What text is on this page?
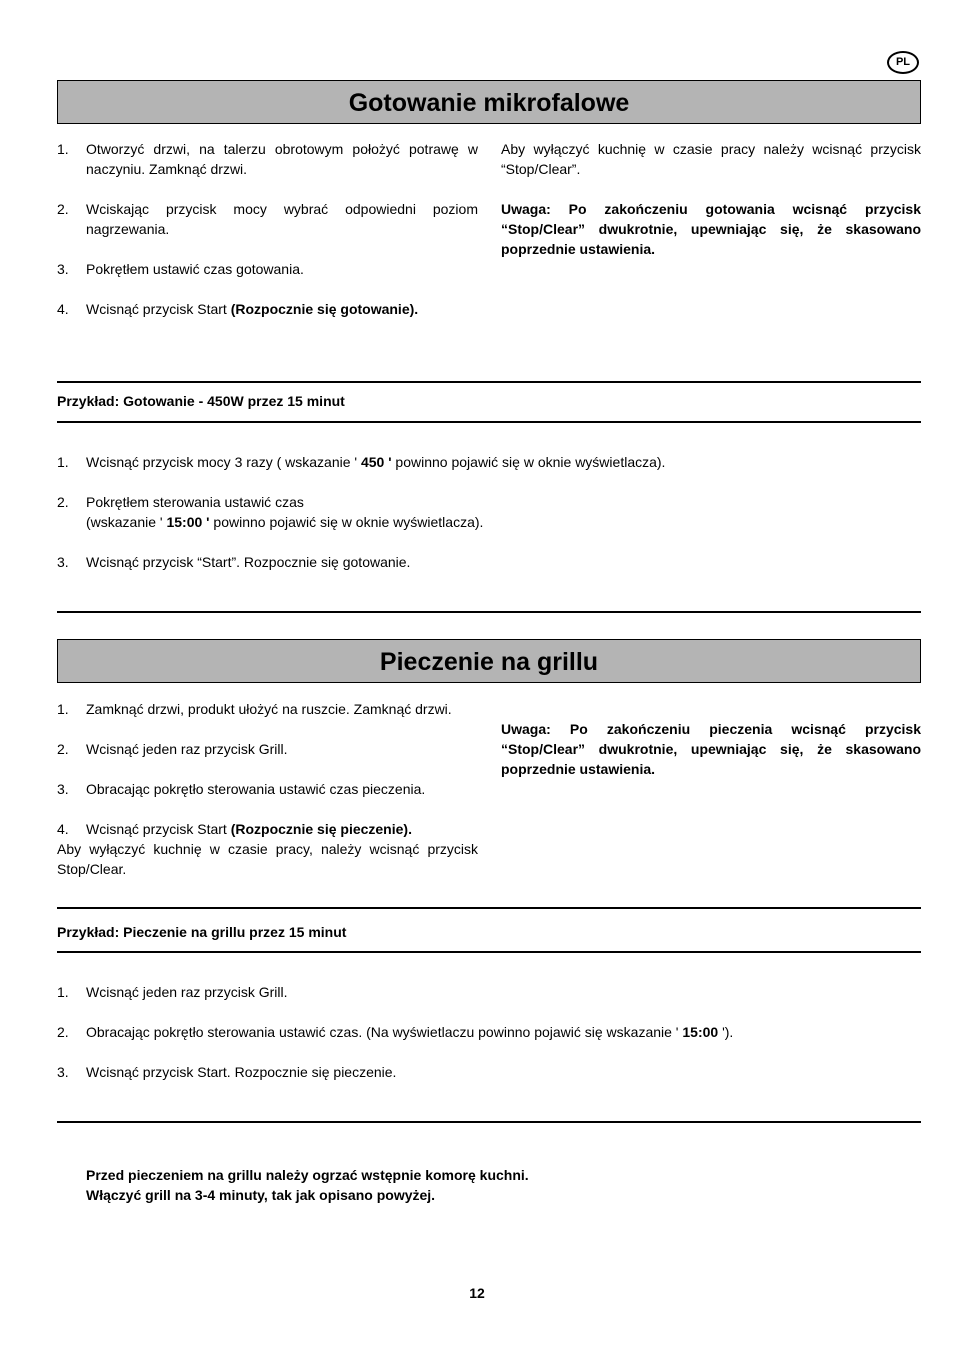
PL
Gotowanie mikrofalowe
1. Otworzyć drzwi, na talerzu obrotowym położyć potrawę w naczyniu. Zamknąć drzwi.
2. Wciskając przycisk mocy wybrać odpowiedni poziom nagrzewania.
3. Pokrętłem ustawić czas gotowania.
4. Wcisnąć przycisk Start (Rozpocznie się gotowanie).
Aby wyłączyć kuchnię w czasie pracy należy wcisnąć przycisk “Stop/Clear”.
Uwaga: Po zakończeniu gotowania wcisnąć przycisk “Stop/Clear” dwukrotnie, upewniając się, że skasowano poprzednie ustawienia.
Przykład: Gotowanie - 450W przez 15 minut
1. Wcisnąć przycisk mocy 3 razy ( wskazanie ' 450 ' powinno pojawić się w oknie wyświetlacza).
2. Pokrętłem sterowania ustawić czas
(wskazanie ' 15:00 ' powinno pojawić się w oknie wyświetlacza).
3. Wcisnąć przycisk “Start”. Rozpocznie się gotowanie.
Pieczenie na grillu
1. Zamknąć drzwi, produkt ułożyć na ruszcie. Zamknąć drzwi.
2. Wcisnąć jeden raz przycisk Grill.
3. Obracając pokrętło sterowania ustawić czas pieczenia.
4. Wcisnąć przycisk Start (Rozpocznie się pieczenie).
Aby wyłączyć kuchnię w czasie pracy, należy wcisnąć przycisk Stop/Clear.
Uwaga: Po zakończeniu pieczenia wcisnąć przycisk “Stop/Clear” dwukrotnie, upewniając się, że skasowano poprzednie ustawienia.
Przykład: Pieczenie na grillu przez 15 minut
1. Wcisnąć jeden raz przycisk Grill.
2. Obracając pokrętło sterowania ustawić czas. (Na wyświetlaczu powinno pojawić się wskazanie ' 15:00 ').
3. Wcisnąć przycisk Start. Rozpocznie się pieczenie.
Przed pieczeniem na grillu należy ogrzać wstępnie komorę kuchni.
Włączyć grill na 3-4 minuty, tak jak opisano powyżej.
12
